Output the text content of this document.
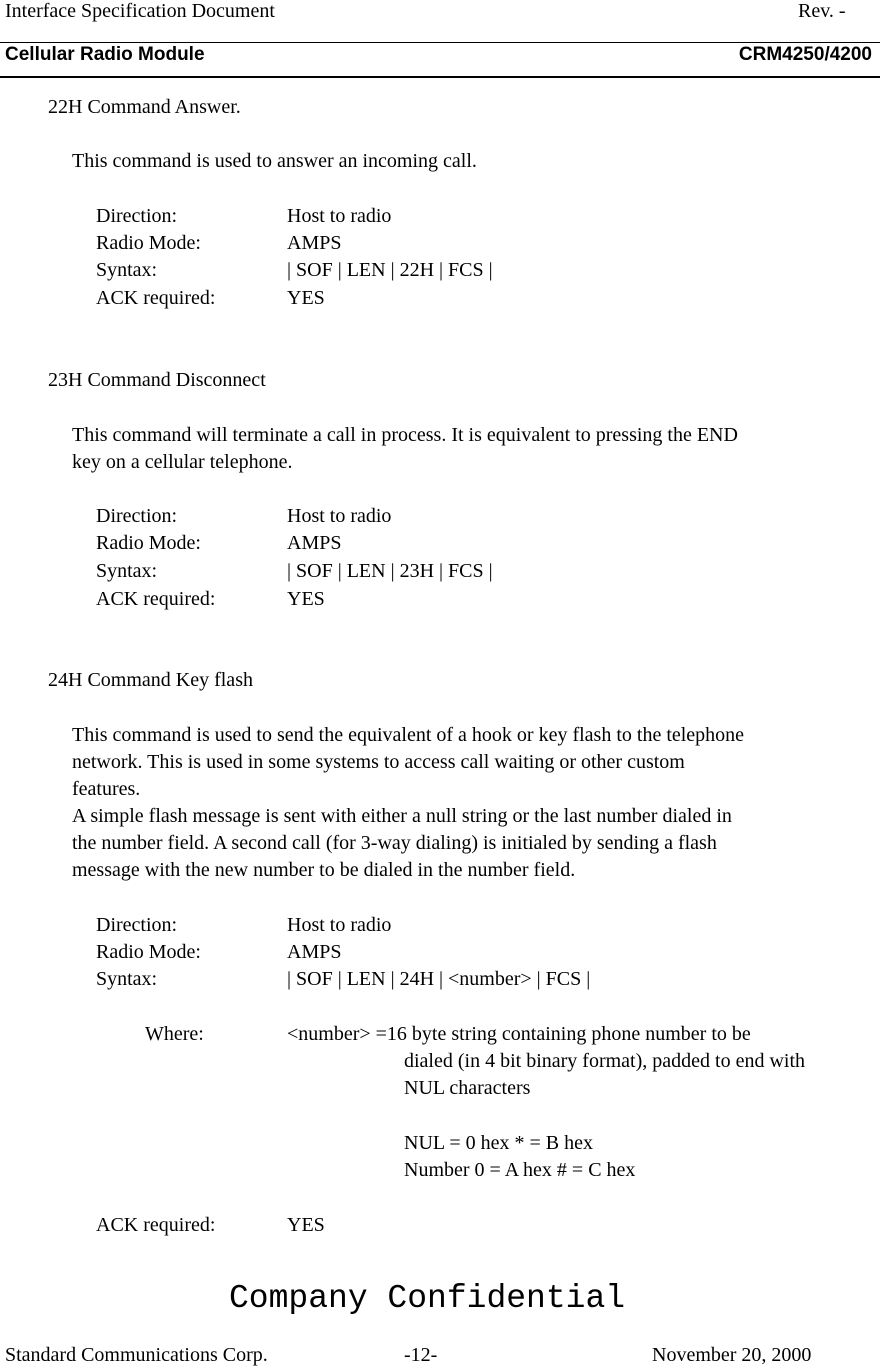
Interface Specification Document	Rev. -
Cellular Radio Module	CRM4250/4200
22H Command Answer.
This command is used to answer an incoming call.
Direction:	Host to radio
Radio Mode:	AMPS
Syntax:	| SOF | LEN | 22H | FCS |
ACK required:	YES
23H Command Disconnect
This command will terminate a call in process. It is equivalent to pressing the END
key on a cellular telephone.
Direction:	Host to radio
Radio Mode:	AMPS
Syntax:	| SOF | LEN | 23H | FCS |
ACK required:	YES
24H Command Key flash
This command is used to send the equivalent of a hook or key flash to the telephone
network. This is used in some systems to access call waiting or other custom
features.
A simple flash message is sent with either a null string or the last number dialed in
the number field. A second call (for 3-way dialing) is initialed by sending a flash
message with the new number to be dialed in the number field.
Direction:	Host to radio
Radio Mode:	AMPS
Syntax:	| SOF | LEN | 24H | <number> | FCS |
Where:	<number> =16 byte string containing phone number to be
dialed (in 4 bit binary format), padded to end with
NUL characters
NUL = 0 hex * = B hex
Number 0 = A hex # = C hex
ACK required:	YES
Company Confidential
Standard Communications Corp.	-12-	November 20, 2000
